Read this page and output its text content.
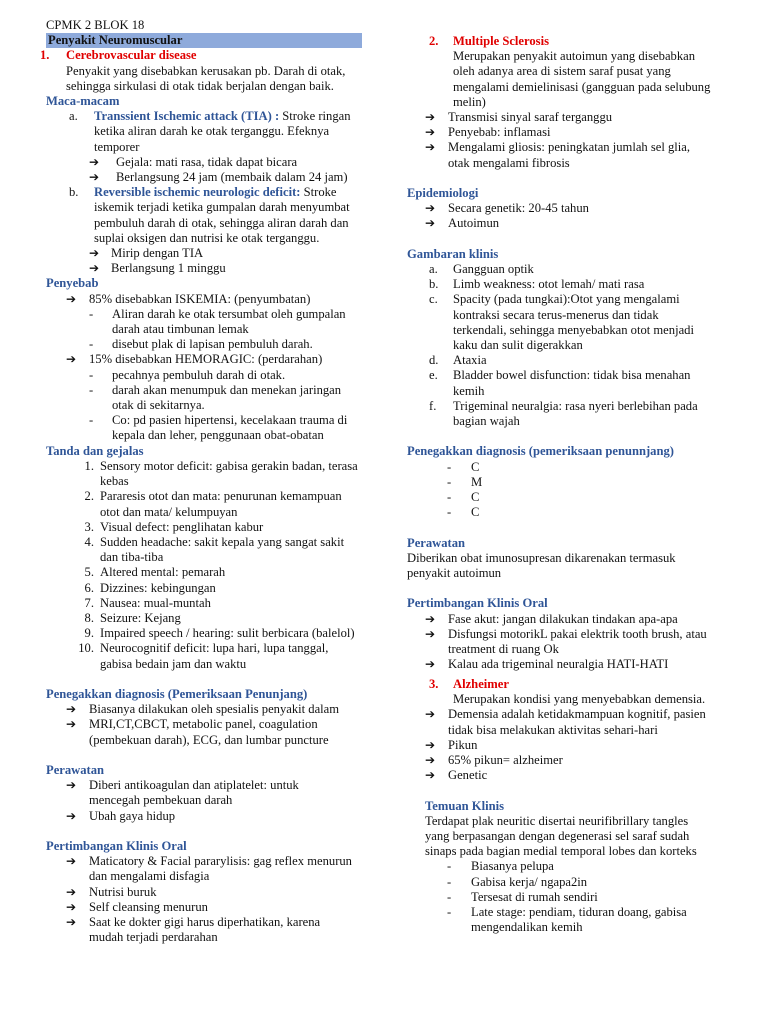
CPMK 2 BLOK 18
Penyakit Neuromuscular
1.	Cerebrovascular disease
Penyakit yang disebabkan kerusakan pb. Darah di otak,
sehingga sirkulasi di otak tidak berjalan dengan baik.
Maca-macam
a.	Transsient Ischemic attack (TIA) : Stroke ringan
ketika aliran darah ke otak terganggu. Efeknya
temporer
➔	Gejala: mati rasa, tidak dapat bicara
➔	Berlangsung 24 jam (membaik dalam 24 jam)
b.	Reversible ischemic neurologic deficit: Stroke
iskemik terjadi ketika gumpalan darah menyumbat
pembuluh darah di otak, sehingga aliran darah dan
suplai oksigen dan nutrisi ke otak terganggu.
➔ Mirip dengan TIA
➔ Berlangsung 1 minggu
Penyebab
➔	85% disebabkan ISKEMIA: (penyumbatan)
-	Aliran darah ke otak tersumbat oleh gumpalan
darah atau timbunan lemak
-	disebut plak di lapisan pembuluh darah.
➔	15% disebabkan HEMORAGIC: (perdarahan)
-	pecahnya pembuluh darah di otak.
-	darah akan menumpuk dan menekan jaringan
otak di sekitarnya.
-	Co: pd pasien hipertensi, kecelakaan trauma di
kepala dan leher, penggunaan obat-obatan
Tanda dan gejalas
1. Sensory motor deficit: gabisa gerakin badan, terasa
kebas
2. Pararesis otot dan mata: penurunan kemampuan
otot dan mata/ kelumpuyan
3. Visual defect: penglihatan kabur
4. Sudden headache: sakit kepala yang sangat sakit
dan tiba-tiba
5. Altered mental: pemarah
6. Dizzines: kebingungan
7. Nausea: mual-muntah
8. Seizure: Kejang
9. Impaired speech / hearing: sulit berbicara (balelol)
10. Neurocognitif deficit: lupa hari, lupa tanggal,
gabisa bedain jam dan waktu
Penegakkan diagnosis (Pemeriksaan Penunjang)
➔	Biasanya dilakukan oleh spesialis penyakit dalam
➔	MRI,CT,CBCT, metabolic panel, coagulation
(pembekuan darah), ECG, dan lumbar puncture
Perawatan
➔	Diberi antikoagulan dan atiplatelet: untuk
mencegah pembekuan darah
➔	Ubah gaya hidup
Pertimbangan Klinis Oral
➔	Maticatory & Facial pararylisis: gag reflex menurun
dan mengalami disfagia
➔	Nutrisi buruk
➔	Self cleansing menurun
➔	Saat ke dokter gigi harus diperhatikan, karena
mudah terjadi perdarahan
2.	Multiple Sclerosis
Merupakan penyakit autoimun yang disebabkan
oleh adanya area di sistem saraf pusat yang
mengalami demielinisasi (gangguan pada selubung
melin)
➔	Transmisi sinyal saraf terganggu
➔	Penyebab: inflamasi
➔	Mengalami gliosis: peningkatan jumlah sel glia,
otak mengalami fibrosis
Epidemiologi
➔	Secara genetik: 20-45 tahun
➔	Autoimun
Gambaran klinis
a.	Gangguan optik
b.	Limb weakness: otot lemah/ mati rasa
c.	Spacity (pada tungkai):Otot yang mengalami
kontraksi secara terus-menerus dan tidak
terkendali, sehingga menyebabkan otot menjadi
kaku dan sulit digerakkan
d.	Ataxia
e.	Bladder bowel disfunction: tidak bisa menahan
kemih
f.	Trigeminal neuralgia: rasa nyeri berlebihan pada
bagian wajah
Penegakkan diagnosis (pemeriksaan penunnjang)
-	C
-	M
-	C
-	C
Perawatan
Diberikan obat imunosupresan dikarenakan termasuk
penyakit autoimun
Pertimbangan Klinis Oral
➔	Fase akut: jangan dilakukan tindakan apa-apa
➔	Disfungsi motorikL pakai elektrik tooth brush, atau
treatment di ruang Ok
➔	Kalau ada trigeminal neuralgia HATI-HATI
3.	Alzheimer
Merupakan kondisi yang menyebabkan demensia.
➔	Demensia adalah ketidakmampuan kognitif, pasien
tidak bisa melakukan aktivitas sehari-hari
➔	Pikun
➔	65% pikun= alzheimer
➔	Genetic
Temuan Klinis
Terdapat plak neuritic disertai neurifibrillary tangles
yang berpasangan dengan degenerasi sel saraf sudah
sinaps pada bagian medial temporal lobes dan korteks
-	Biasanya pelupa
-	Gabisa kerja/ ngapa2in
-	Tersesat di rumah sendiri
-	Late stage: pendiam, tiduran doang, gabisa
mengendalikan kemih
